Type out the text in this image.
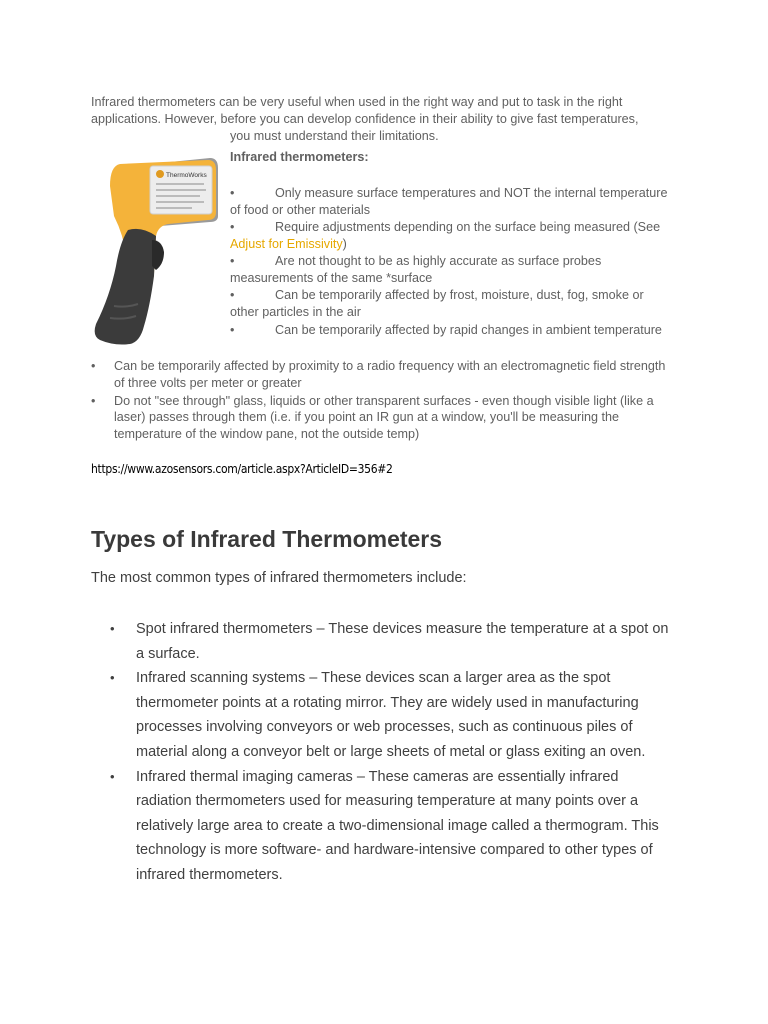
Infrared thermometers can be very useful when used in the right way and put to task in the right
applications. However, before you can develop confidence in their ability to give fast temperatures,
you must understand their limitations.
ThermoWorks
Infrared thermometers:
•	Only measure surface temperatures and NOT the internal temperature of food or other materials
•	Require adjustments depending on the surface being measured (See Adjust for Emissivity)
•	Are not thought to be as highly accurate as surface probes measurements of the same *surface
•	Can be temporarily affected by frost, moisture, dust, fog, smoke or other particles in the air
•	Can be temporarily affected by rapid changes in ambient temperature
• Can be temporarily affected by proximity to a radio frequency with an electromagnetic field strength of three volts per meter or greater
• Do not "see through" glass, liquids or other transparent surfaces - even though visible light (like a laser) passes through them (i.e. if you point an IR gun at a window, you'll be measuring the temperature of the window pane, not the outside temp)
https://www.azosensors.com/article.aspx?ArticleID=356#2
Types of Infrared Thermometers
The most common types of infrared thermometers include:
• Spot infrared thermometers – These devices measure the temperature at a spot on a surface.
• Infrared scanning systems – These devices scan a larger area as the spot thermometer points at a rotating mirror. They are widely used in manufacturing processes involving conveyors or web processes, such as continuous piles of material along a conveyor belt or large sheets of metal or glass exiting an oven.
• Infrared thermal imaging cameras – These cameras are essentially infrared radiation thermometers used for measuring temperature at many points over a relatively large area to create a two-dimensional image called a thermogram. This technology is more software- and hardware-intensive compared to other types of infrared thermometers.
